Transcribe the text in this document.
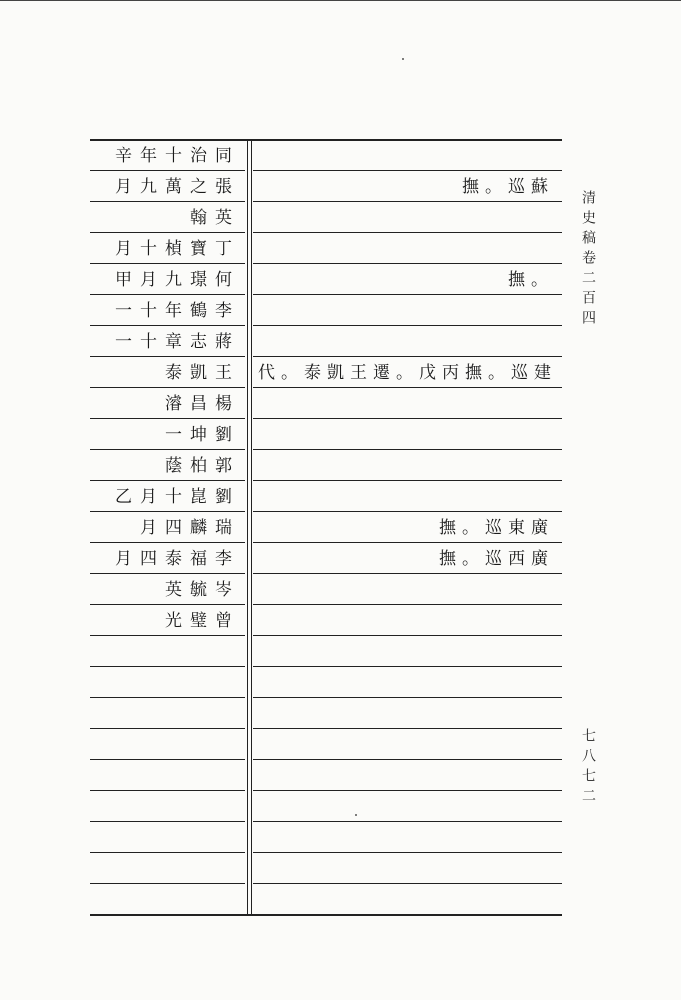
辛年十治同
月九萬之張	撫。巡蘇
翰英
月十楨寶丁
甲月九璟何	撫。
一十年鶴李
一十章志蔣
泰凱王 代。泰凱王遷。戊丙撫。巡建
濬昌楊
一坤劉
蔭柏郭
乙月十崑劉
月四麟瑞	撫。巡東廣
月四泰福李	撫。巡西廣
英毓岑
光璧曾
清史稿卷二百四
七八七二
